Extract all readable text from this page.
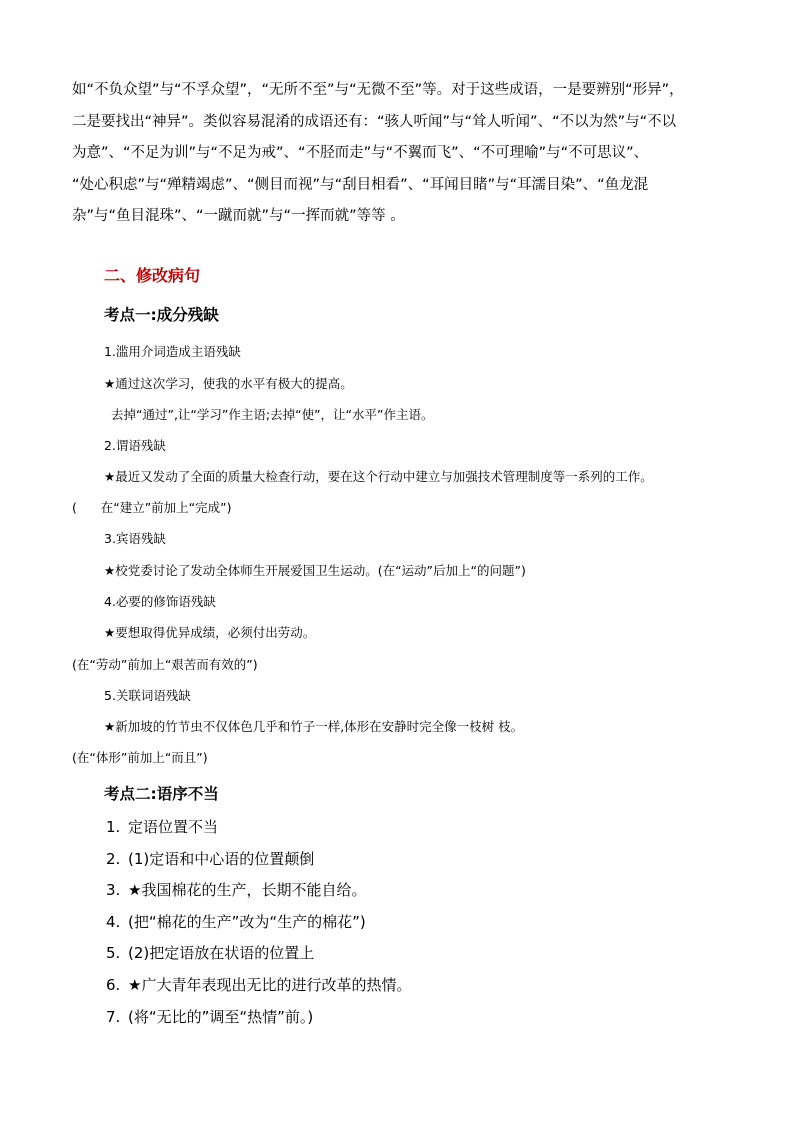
如“不负众望”与“不孚众望”，“无所不至”与“无微不至”等。对于这些成语，一是要辨别“形异”，

二是要找出“神异”。类似容易混淆的成语还有：“骇人听闻”与“耸人听闻”、“不以为然”与“不以

为意”、“不足为训”与“不足为戒”、“不胫而走”与“不翼而飞”、“不可理喻”与“不可思议”、

“处心积虑”与“殚精竭虑”、“侧目而视”与“刮目相看”、“耳闻目睹”与“耳濡目染”、“鱼龙混

杂”与“鱼目混珠”、“一蹴而就”与“一挥而就”等等 。

二、修改病句
考点一:成分残缺
1.滥用介词造成主语残缺
★通过这次学习，使我的水平有极大的提高。
去掉“通过”,让“学习”作主语;去掉“使”，让“水平”作主语。
2.谓语残缺
★最近又发动了全面的质量大检查行动，要在这个行动中建立与加强技术管理制度等一系列的工作。
(      在“建立”前加上“完成”)
3.宾语残缺
★校党委讨论了发动全体师生开展爱国卫生运动。(在“运动”后加上“的问题”)
4.必要的修饰语残缺
★要想取得优异成绩，必须付出劳动。
(在“劳动”前加上“艰苦而有效的”)
5.关联词语残缺
★新加坡的竹节虫不仅体色几乎和竹子一样,体形在安静时完全像一枝树 枝。
(在“体形”前加上“而且”)
考点二:语序不当
1. 定语位置不当
2. (1)定语和中心语的位置颠倒
3. ★我国棉花的生产，长期不能自给。
4. (把“棉花的生产”改为“生产的棉花”)
5. (2)把定语放在状语的位置上
6. ★广大青年表现出无比的进行改革的热情。
7. (将“无比的”调至“热情”前。)
